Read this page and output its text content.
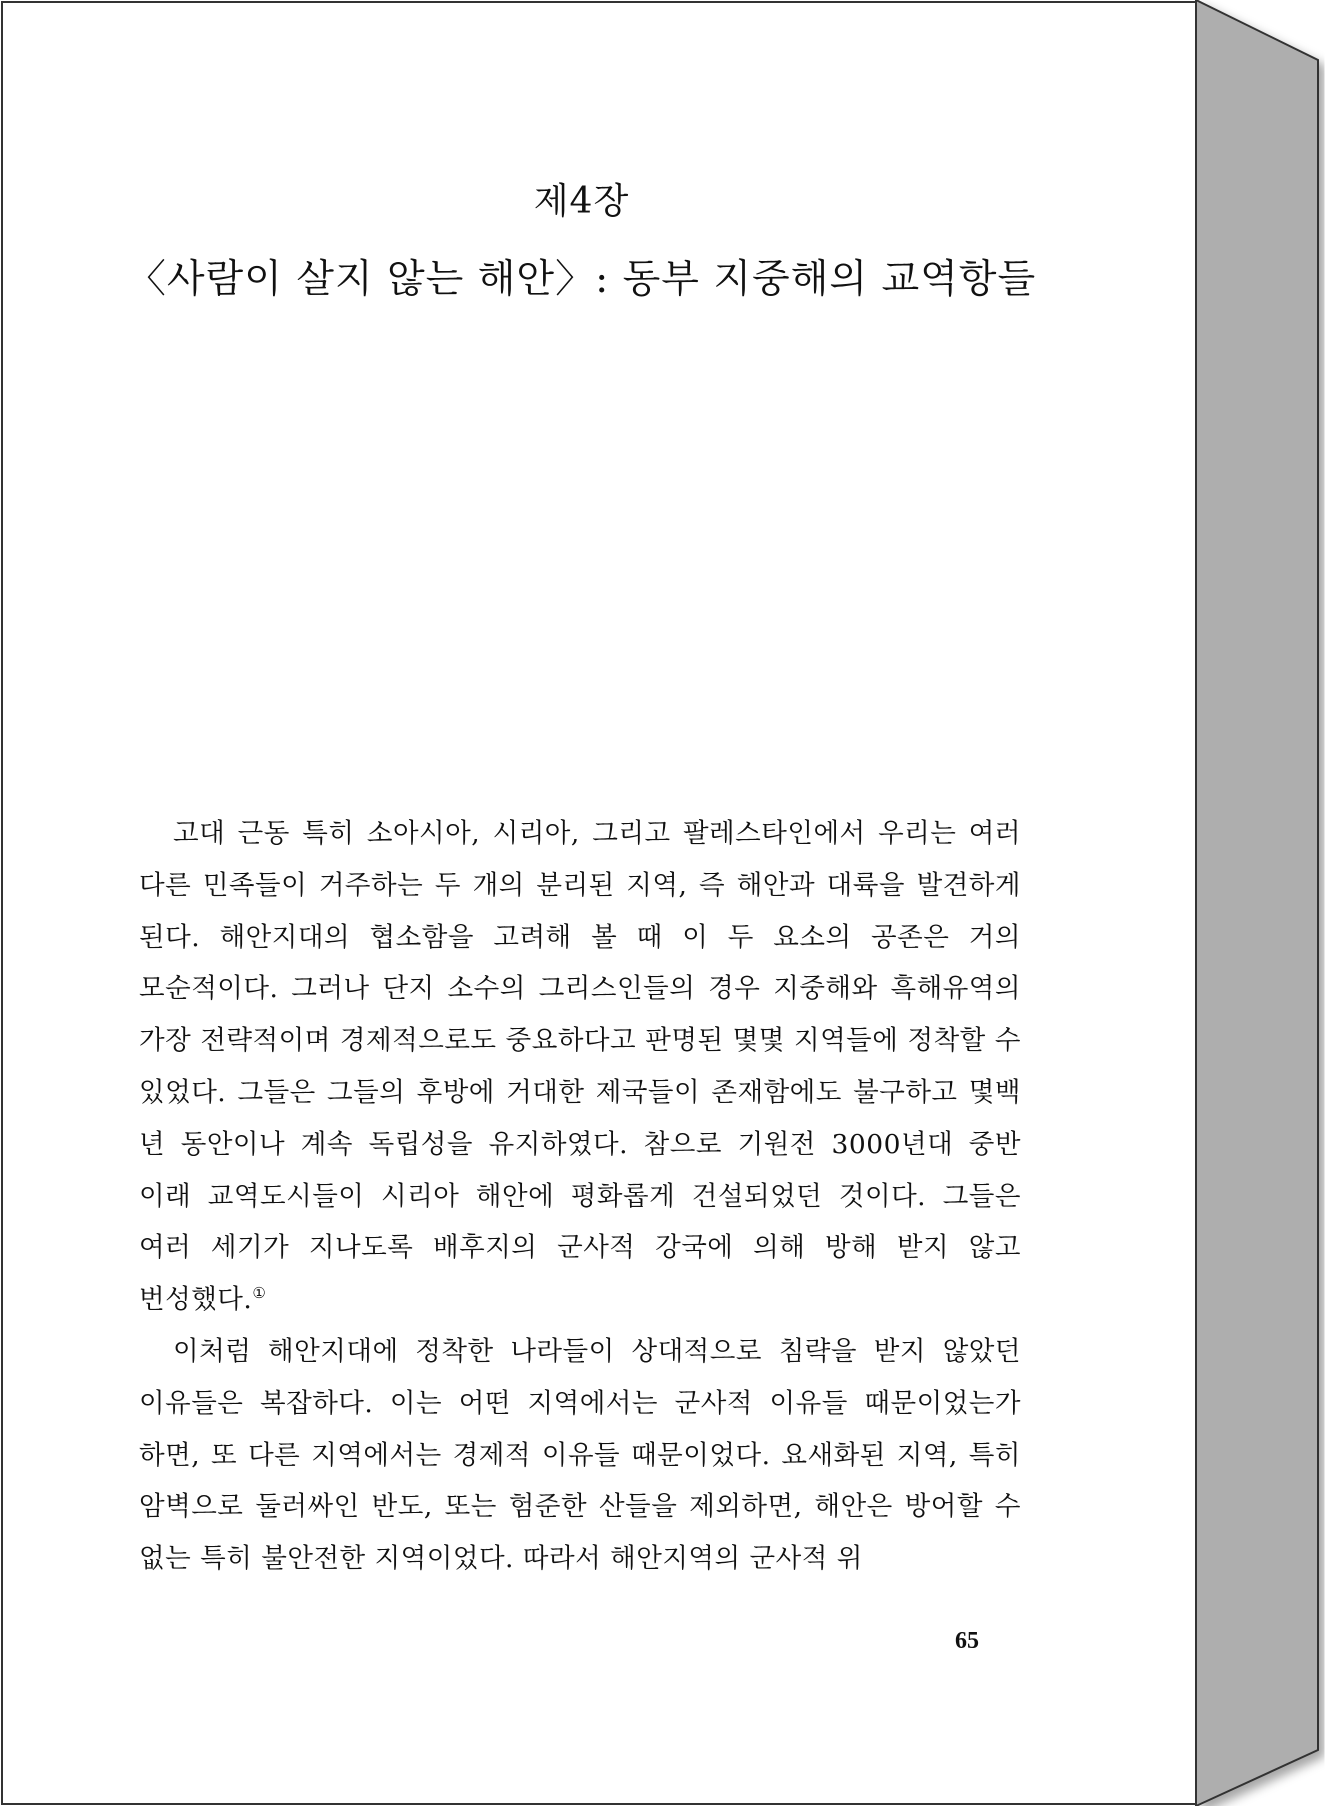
제4장
〈사람이 살지 않는 해안〉: 동부 지중해의 교역항들

고대 근동 특히 소아시아, 시리아, 그리고 팔레스타인에서 우리는 여러 다른 민족들이 거주하는 두 개의 분리된 지역, 즉 해안과 대륙을 발견하게 된다. 해안지대의 협소함을 고려해 볼 때 이 두 요소의 공존은 거의 모순적이다. 그러나 단지 소수의 그리스인들의 경우 지중해와 흑해유역의 가장 전략적이며 경제적으로도 중요하다고 판명된 몇몇 지역들에 정착할 수 있었다. 그들은 그들의 후방에 거대한 제국들이 존재함에도 불구하고 몇백 년 동안이나 계속 독립성을 유지하였다. 참으로 기원전 3000년대 중반 이래 교역도시들이 시리아 해안에 평화롭게 건설되었던 것이다. 그들은 여러 세기가 지나도록 배후지의 군사적 강국에 의해 방해 받지 않고 번성했다.①

이처럼 해안지대에 정착한 나라들이 상대적으로 침략을 받지 않았던 이유들은 복잡하다. 이는 어떤 지역에서는 군사적 이유들 때문이었는가 하면, 또 다른 지역에서는 경제적 이유들 때문이었다. 요새화된 지역, 특히 암벽으로 둘러싸인 반도, 또는 험준한 산들을 제외하면, 해안은 방어할 수 없는 특히 불안전한 지역이었다. 따라서 해안지역의 군사적 위

65
